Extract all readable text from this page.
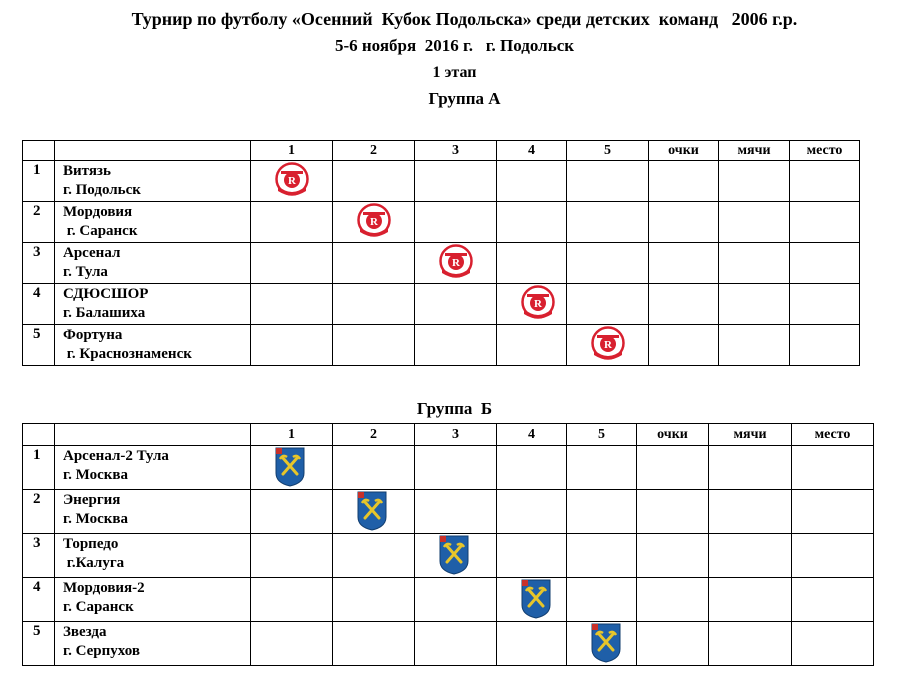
Турнир по футболу «Осенний  Кубок Подольска» среди детских  команд   2006 г.р.
5-6 ноября  2016 г.   г. Подольск
1 этап
Группа А
		1	2	3	4	5	очки	мячи	место
1	Витязь
г. Подольск

2	Мордовия
г. Саранск

3	Арсенал
г. Тула

4	СДЮСШОР
г. Балашиха

5	Фортуна
г. Краснознаменск

Группа  Б
		1	2	3	4	5	очки	мячи	место
1	Арсенал-2 Тула
г. Москва

2	Энергия
г. Москва

3	Торпедо
г.Калуга

4	Мордовия-2
г. Саранск

5	Звезда
г. Серпухов
